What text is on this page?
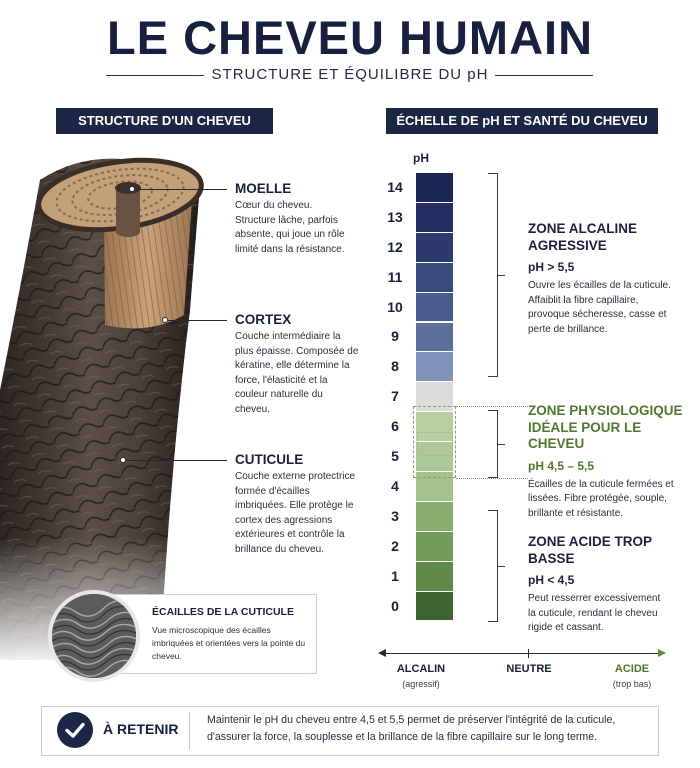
LE CHEVEU HUMAIN
STRUCTURE ET ÉQUILIBRE DU pH
STRUCTURE D'UN CHEVEU	ÉCHELLE DE pH ET SANTÉ DU CHEVEU
MOELLE
Cœur du cheveu. Structure lâche, parfois absente, qui joue un rôle limité dans la résistance.
CORTEX
Couche intermédiaire la plus épaisse. Composée de kératine, elle détermine la force, l'élasticité et la couleur naturelle du cheveu.
CUTICULE
Couche externe protectrice formée d'écailles imbriquées. Elle protège le cortex des agressions extérieures et contrôle la brillance du cheveu.
ÉCAILLES DE LA CUTICULE
Vue microscopique des écailles imbriquées et orientées vers la pointe du cheveu.
pH
14
13
12
11
10
9
8
7
6
5
4
3
2
1
0
ZONE ALCALINE AGRESSIVE
pH > 5,5
Ouvre les écailles de la cuticule. Affaiblit la fibre capillaire, provoque sécheresse, casse et perte de brillance.
ZONE PHYSIOLOGIQUE IDÉALE POUR LE CHEVEU
pH 4,5 – 5,5
Écailles de la cuticule fermées et lissées. Fibre protégée, souple, brillante et résistante.
ZONE ACIDE TROP BASSE
pH < 4,5
Peut resserrer excessivement la cuticule, rendant le cheveu rigide et cassant.
ALCALIN
(agressif)
NEUTRE	ACIDE
(trop bas)
À RETENIR
Maintenir le pH du cheveu entre 4,5 et 5,5 permet de préserver l'intégrité de la cuticule, d'assurer la force, la souplesse et la brillance de la fibre capillaire sur le long terme.
